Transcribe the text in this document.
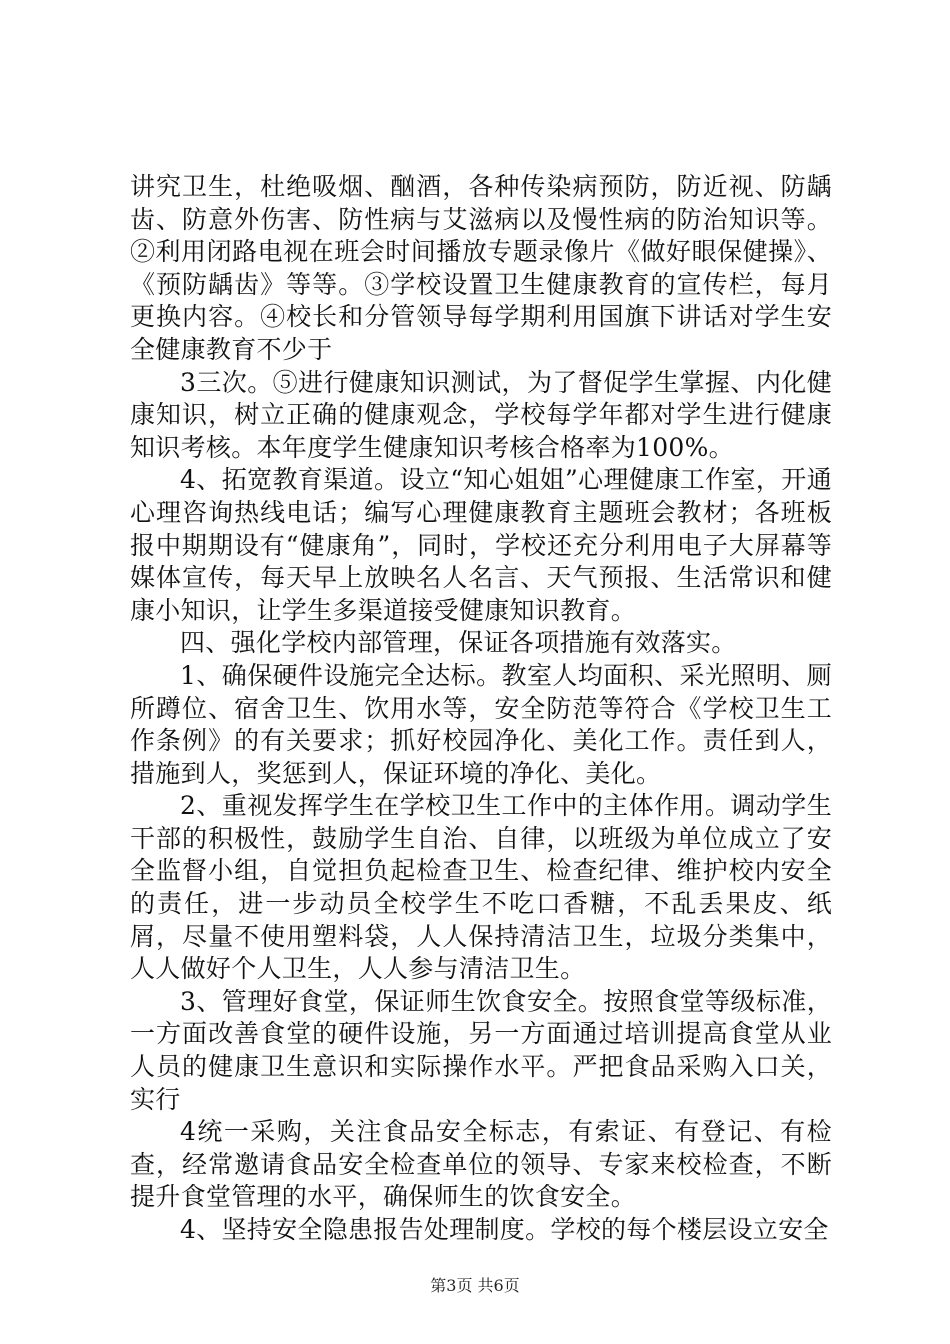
讲究卫生，杜绝吸烟、酗酒，各种传染病预防，防近视、防龋齿、防意外伤害、防性病与艾滋病以及慢性病的防治知识等。②利用闭路电视在班会时间播放专题录像片《做好眼保健操》、《预防龋齿》等等。③学校设置卫生健康教育的宣传栏，每月更换内容。④校长和分管领导每学期利用国旗下讲话对学生安全健康教育不少于

3三次。⑤进行健康知识测试，为了督促学生掌握、内化健康知识，树立正确的健康观念，学校每学年都对学生进行健康知识考核。本年度学生健康知识考核合格率为100%。

4、拓宽教育渠道。设立“知心姐姐”心理健康工作室，开通心理咨询热线电话；编写心理健康教育主题班会教材；各班板报中期期设有“健康角”，同时，学校还充分利用电子大屏幕等媒体宣传，每天早上放映名人名言、天气预报、生活常识和健康小知识，让学生多渠道接受健康知识教育。

四、强化学校内部管理，保证各项措施有效落实。

1、确保硬件设施完全达标。教室人均面积、采光照明、厕所蹲位、宿舍卫生、饮用水等，安全防范等符合《学校卫生工作条例》的有关要求；抓好校园净化、美化工作。责任到人，措施到人，奖惩到人，保证环境的净化、美化。

2、重视发挥学生在学校卫生工作中的主体作用。调动学生干部的积极性，鼓励学生自治、自律，以班级为单位成立了安全监督小组，自觉担负起检查卫生、检查纪律、维护校内安全的责任，进一步动员全校学生不吃口香糖，不乱丢果皮、纸屑，尽量不使用塑料袋，人人保持清洁卫生，垃圾分类集中，人人做好个人卫生，人人参与清洁卫生。

3、管理好食堂，保证师生饮食安全。按照食堂等级标准，一方面改善食堂的硬件设施，另一方面通过培训提高食堂从业人员的健康卫生意识和实际操作水平。严把食品采购入口关，实行

4统一采购，关注食品安全标志，有索证、有登记、有检查，经常邀请食品安全检查单位的领导、专家来校检查，不断提升食堂管理的水平，确保师生的饮食安全。

4、坚持安全隐患报告处理制度。学校的每个楼层设立安全

第3页 共6页
